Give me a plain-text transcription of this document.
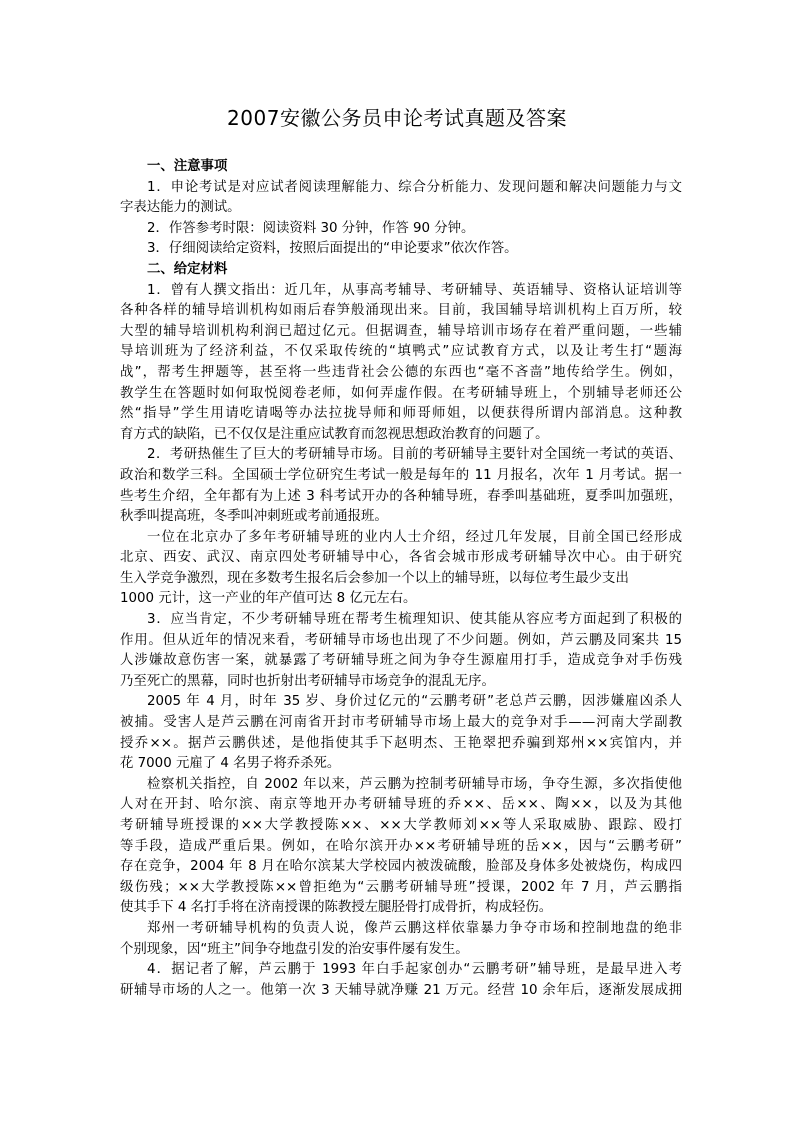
2007安徽公务员申论考试真题及答案
一、注意事项
1．申论考试是对应试者阅读理解能力、综合分析能力、发现问题和解决问题能力与文
字表达能力的测试。
2．作答参考时限：阅读资料 30 分钟，作答 90 分钟。
3．仔细阅读给定资料，按照后面提出的“申论要求”依次作答。
二、给定材料
1．曾有人撰文指出：近几年，从事高考辅导、考研辅导、英语辅导、资格认证培训等
各种各样的辅导培训机构如雨后春笋般涌现出来。目前，我国辅导培训机构上百万所，较
大型的辅导培训机构利润已超过亿元。但据调查，辅导培训市场存在着严重问题，一些辅
导培训班为了经济利益，不仅采取传统的“填鸭式”应试教育方式，以及让考生打“题海
战”，帮考生押题等，甚至将一些违背社会公德的东西也“毫不吝啬”地传给学生。例如，
教学生在答题时如何取悦阅卷老师，如何弄虚作假。在考研辅导班上，个别辅导老师还公
然“指导”学生用请吃请喝等办法拉拢导师和师哥师姐，以便获得所谓内部消息。这种教
育方式的缺陷，已不仅仅是注重应试教育而忽视思想政治教育的问题了。
2．考研热催生了巨大的考研辅导市场。目前的考研辅导主要针对全国统一考试的英语、
政治和数学三科。全国硕士学位研究生考试一般是每年的 11 月报名，次年 1 月考试。据一
些考生介绍，全年都有为上述 3 科考试开办的各种辅导班，春季叫基础班，夏季叫加强班，
秋季叫提高班，冬季叫冲刺班或考前通报班。
一位在北京办了多年考研辅导班的业内人士介绍，经过几年发展，目前全国已经形成
北京、西安、武汉、南京四处考研辅导中心，各省会城市形成考研辅导次中心。由于研究
生入学竞争激烈，现在多数考生报名后会参加一个以上的辅导班，以每位考生最少支出
1000 元计，这一产业的年产值可达 8 亿元左右。
3．应当肯定，不少考研辅导班在帮考生梳理知识、使其能从容应考方面起到了积极的
作用。但从近年的情况来看，考研辅导市场也出现了不少问题。例如，芦云鹏及同案共 15
人涉嫌故意伤害一案，就暴露了考研辅导班之间为争夺生源雇用打手，造成竞争对手伤残
乃至死亡的黑幕，同时也折射出考研辅导市场竞争的混乱无序。
2005 年 4 月，时年 35 岁、身价过亿元的“云鹏考研”老总芦云鹏，因涉嫌雇凶杀人
被捕。受害人是芦云鹏在河南省开封市考研辅导市场上最大的竞争对手——河南大学副教
授乔××。据芦云鹏供述，是他指使其手下赵明杰、王艳翠把乔骗到郑州××宾馆内，并
花 7000 元雇了 4 名男子将乔杀死。
检察机关指控，自 2002 年以来，芦云鹏为控制考研辅导市场，争夺生源，多次指使他
人对在开封、哈尔滨、南京等地开办考研辅导班的乔××、岳××、陶××，以及为其他
考研辅导班授课的××大学教授陈××、××大学教师刘××等人采取威胁、跟踪、殴打
等手段，造成严重后果。例如，在哈尔滨开办××考研辅导班的岳××，因与“云鹏考研”
存在竞争，2004 年 8 月在哈尔滨某大学校园内被泼硫酸，脸部及身体多处被烧伤，构成四
级伤残；××大学教授陈××曾拒绝为“云鹏考研辅导班”授课，2002 年 7 月，芦云鹏指
使其手下 4 名打手将在济南授课的陈教授左腿胫骨打成骨折，构成轻伤。
郑州一考研辅导机构的负责人说，像芦云鹏这样依靠暴力争夺市场和控制地盘的绝非
个别现象，因“班主”间争夺地盘引发的治安事件屡有发生。
4．据记者了解，芦云鹏于 1993 年白手起家创办“云鹏考研”辅导班，是最早进入考
研辅导市场的人之一。他第一次 3 天辅导就净赚 21 万元。经营 10 余年后，逐渐发展成拥
